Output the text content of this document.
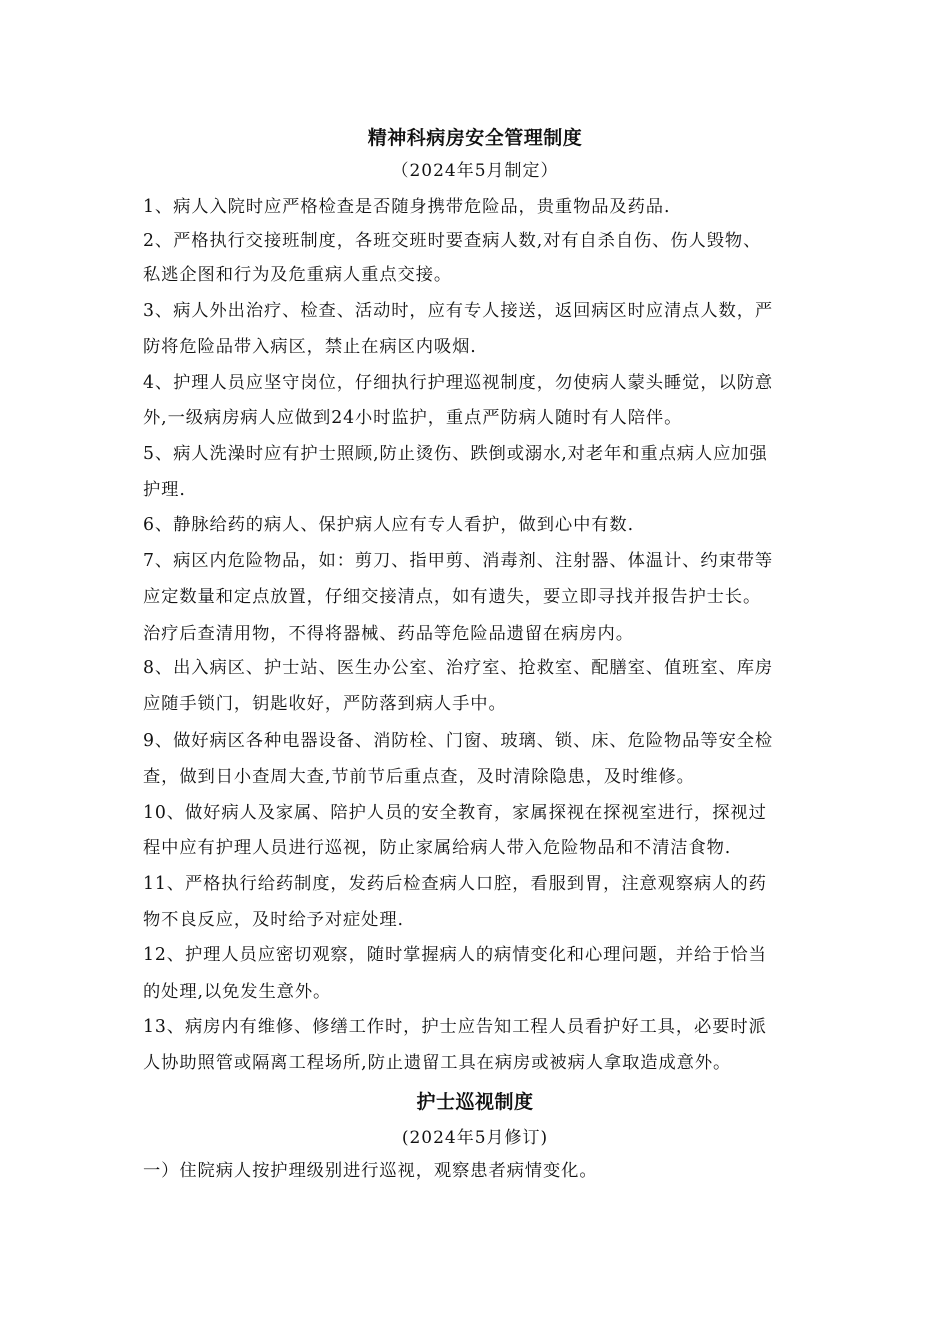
精神科病房安全管理制度
（2024年5月制定）
1、病人入院时应严格检查是否随身携带危险品，贵重物品及药品.
2、严格执行交接班制度，各班交班时要查病人数,对有自杀自伤、伤人毁物、
私逃企图和行为及危重病人重点交接。
3、病人外出治疗、检查、活动时，应有专人接送，返回病区时应清点人数，严
防将危险品带入病区，禁止在病区内吸烟.
4、护理人员应坚守岗位，仔细执行护理巡视制度，勿使病人蒙头睡觉，以防意
外,一级病房病人应做到24小时监护，重点严防病人随时有人陪伴。
5、病人洗澡时应有护士照顾,防止烫伤、跌倒或溺水,对老年和重点病人应加强
护理.
6、静脉给药的病人、保护病人应有专人看护，做到心中有数.
7、病区内危险物品，如：剪刀、指甲剪、消毒剂、注射器、体温计、约束带等
应定数量和定点放置，仔细交接清点，如有遗失，要立即寻找并报告护士长。
治疗后查清用物，不得将器械、药品等危险品遗留在病房内。
8、出入病区、护士站、医生办公室、治疗室、抢救室、配膳室、值班室、库房
应随手锁门，钥匙收好，严防落到病人手中。
9、做好病区各种电器设备、消防栓、门窗、玻璃、锁、床、危险物品等安全检
查，做到日小查周大查,节前节后重点查，及时清除隐患，及时维修。
10、做好病人及家属、陪护人员的安全教育，家属探视在探视室进行，探视过
程中应有护理人员进行巡视，防止家属给病人带入危险物品和不清洁食物.
11、严格执行给药制度，发药后检查病人口腔，看服到胃，注意观察病人的药
物不良反应，及时给予对症处理.
12、护理人员应密切观察，随时掌握病人的病情变化和心理问题，并给于恰当
的处理,以免发生意外。
13、病房内有维修、修缮工作时，护士应告知工程人员看护好工具，必要时派
人协助照管或隔离工程场所,防止遗留工具在病房或被病人拿取造成意外。
护士巡视制度
(2024年5月修订)
一）住院病人按护理级别进行巡视，观察患者病情变化。
